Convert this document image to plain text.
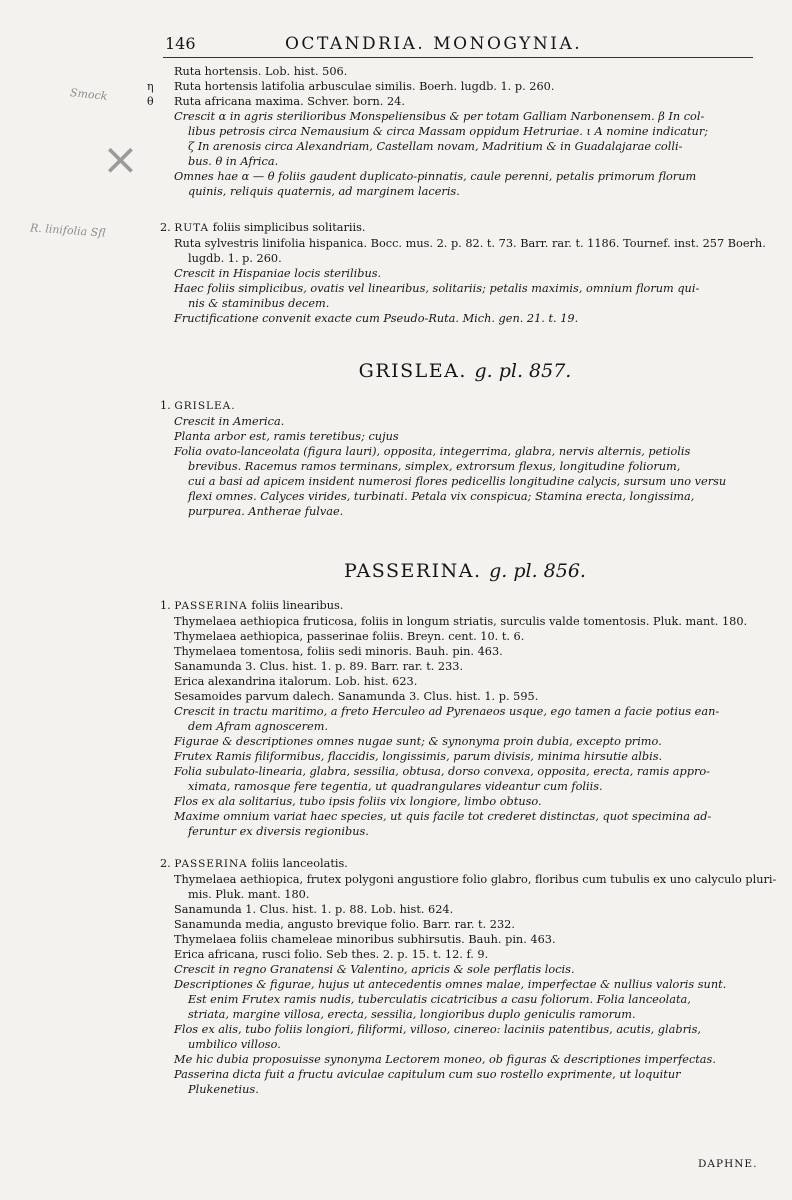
146	OCTANDRIA. MONOGYNIA.
Smock
×
R. linifolia Sfl
Ruta hortensis. Lob. hist. 506.
η Ruta hortensis latifolia arbusculae similis. Boerh. lugdb. 1. p. 260.
θ Ruta africana maxima. Schver. born. 24.
Crescit α in agris sterilioribus Monspeliensibus & per totam Galliam Narbonensem. β In col-
libus petrosis circa Nemausium & circa Massam oppidum Hetruriae. ι A nomine indicatur;
ζ In arenosis circa Alexandriam, Castellam novam, Madritium & in Guadalajarae colli-
bus. θ in Africa.
Omnes hae α — θ foliis gaudent duplicato-pinnatis, caule perenni, petalis primorum florum
quinis, reliquis quaternis, ad marginem laceris.
2. RUTA foliis simplicibus solitariis.
Ruta sylvestris linifolia hispanica. Bocc. mus. 2. p. 82. t. 73. Barr. rar. t. 1186. Tournef. inst. 257 Boerh.
lugdb. 1. p. 260.
Crescit in Hispaniae locis sterilibus.
Haec foliis simplicibus, ovatis vel linearibus, solitariis; petalis maximis, omnium florum qui-
nis & staminibus decem.
Fructificatione convenit exacte cum Pseudo-Ruta. Mich. gen. 21. t. 19.
GRISLEA. g. pl. 857.
1. GRISLEA.
Crescit in America.
Planta arbor est, ramis teretibus; cujus
Folia ovato-lanceolata (figura lauri), opposita, integerrima, glabra, nervis alternis, petiolis
brevibus. Racemus ramos terminans, simplex, extrorsum flexus, longitudine foliorum,
cui a basi ad apicem insident numerosi flores pedicellis longitudine calycis, sursum uno versu
flexi omnes. Calyces virides, turbinati. Petala vix conspicua; Stamina erecta, longissima,
purpurea. Antherae fulvae.
PASSERINA. g. pl. 856.
1. PASSERINA foliis linearibus.
Thymelaea aethiopica fruticosa, foliis in longum striatis, surculis valde tomentosis. Pluk. mant. 180.
Thymelaea aethiopica, passerinae foliis. Breyn. cent. 10. t. 6.
Thymelaea tomentosa, foliis sedi minoris. Bauh. pin. 463.
Sanamunda 3. Clus. hist. 1. p. 89. Barr. rar. t. 233.
Erica alexandrina italorum. Lob. hist. 623.
Sesamoides parvum dalech. Sanamunda 3. Clus. hist. 1. p. 595.
Crescit in tractu maritimo, a freto Herculeo ad Pyrenaeos usque, ego tamen a facie potius ean-
dem Afram agnoscerem.
Figurae & descriptiones omnes nugae sunt; & synonyma proin dubia, excepto primo.
Frutex Ramis filiformibus, flaccidis, longissimis, parum divisis, minima hirsutie albis.
Folia subulato-linearia, glabra, sessilia, obtusa, dorso convexa, opposita, erecta, ramis appro-
ximata, ramosque fere tegentia, ut quadrangulares videantur cum foliis.
Flos ex ala solitarius, tubo ipsis foliis vix longiore, limbo obtuso.
Maxime omnium variat haec species, ut quis facile tot crederet distinctas, quot specimina ad-
feruntur ex diversis regionibus.
2. PASSERINA foliis lanceolatis.
Thymelaea aethiopica, frutex polygoni angustiore folio glabro, floribus cum tubulis ex uno calyculo pluri-
mis. Pluk. mant. 180.
Sanamunda 1. Clus. hist. 1. p. 88. Lob. hist. 624.
Sanamunda media, angusto brevique folio. Barr. rar. t. 232.
Thymelaea foliis chameleae minoribus subhirsutis. Bauh. pin. 463.
Erica africana, rusci folio. Seb thes. 2. p. 15. t. 12. f. 9.
Crescit in regno Granatensi & Valentino, apricis & sole perflatis locis.
Descriptiones & figurae, hujus ut antecedentis omnes malae, imperfectae & nullius valoris sunt.
Est enim Frutex ramis nudis, tuberculatis cicatricibus a casu foliorum. Folia lanceolata,
striata, margine villosa, erecta, sessilia, longioribus duplo geniculis ramorum.
Flos ex alis, tubo foliis longiori, filiformi, villoso, cinereo: laciniis patentibus, acutis, glabris,
umbilico villoso.
Me hic dubia proposuisse synonyma Lectorem moneo, ob figuras & descriptiones imperfectas.
Passerina dicta fuit a fructu aviculae capitulum cum suo rostello exprimente, ut loquitur
Plukenetius.
DAPHNE.
